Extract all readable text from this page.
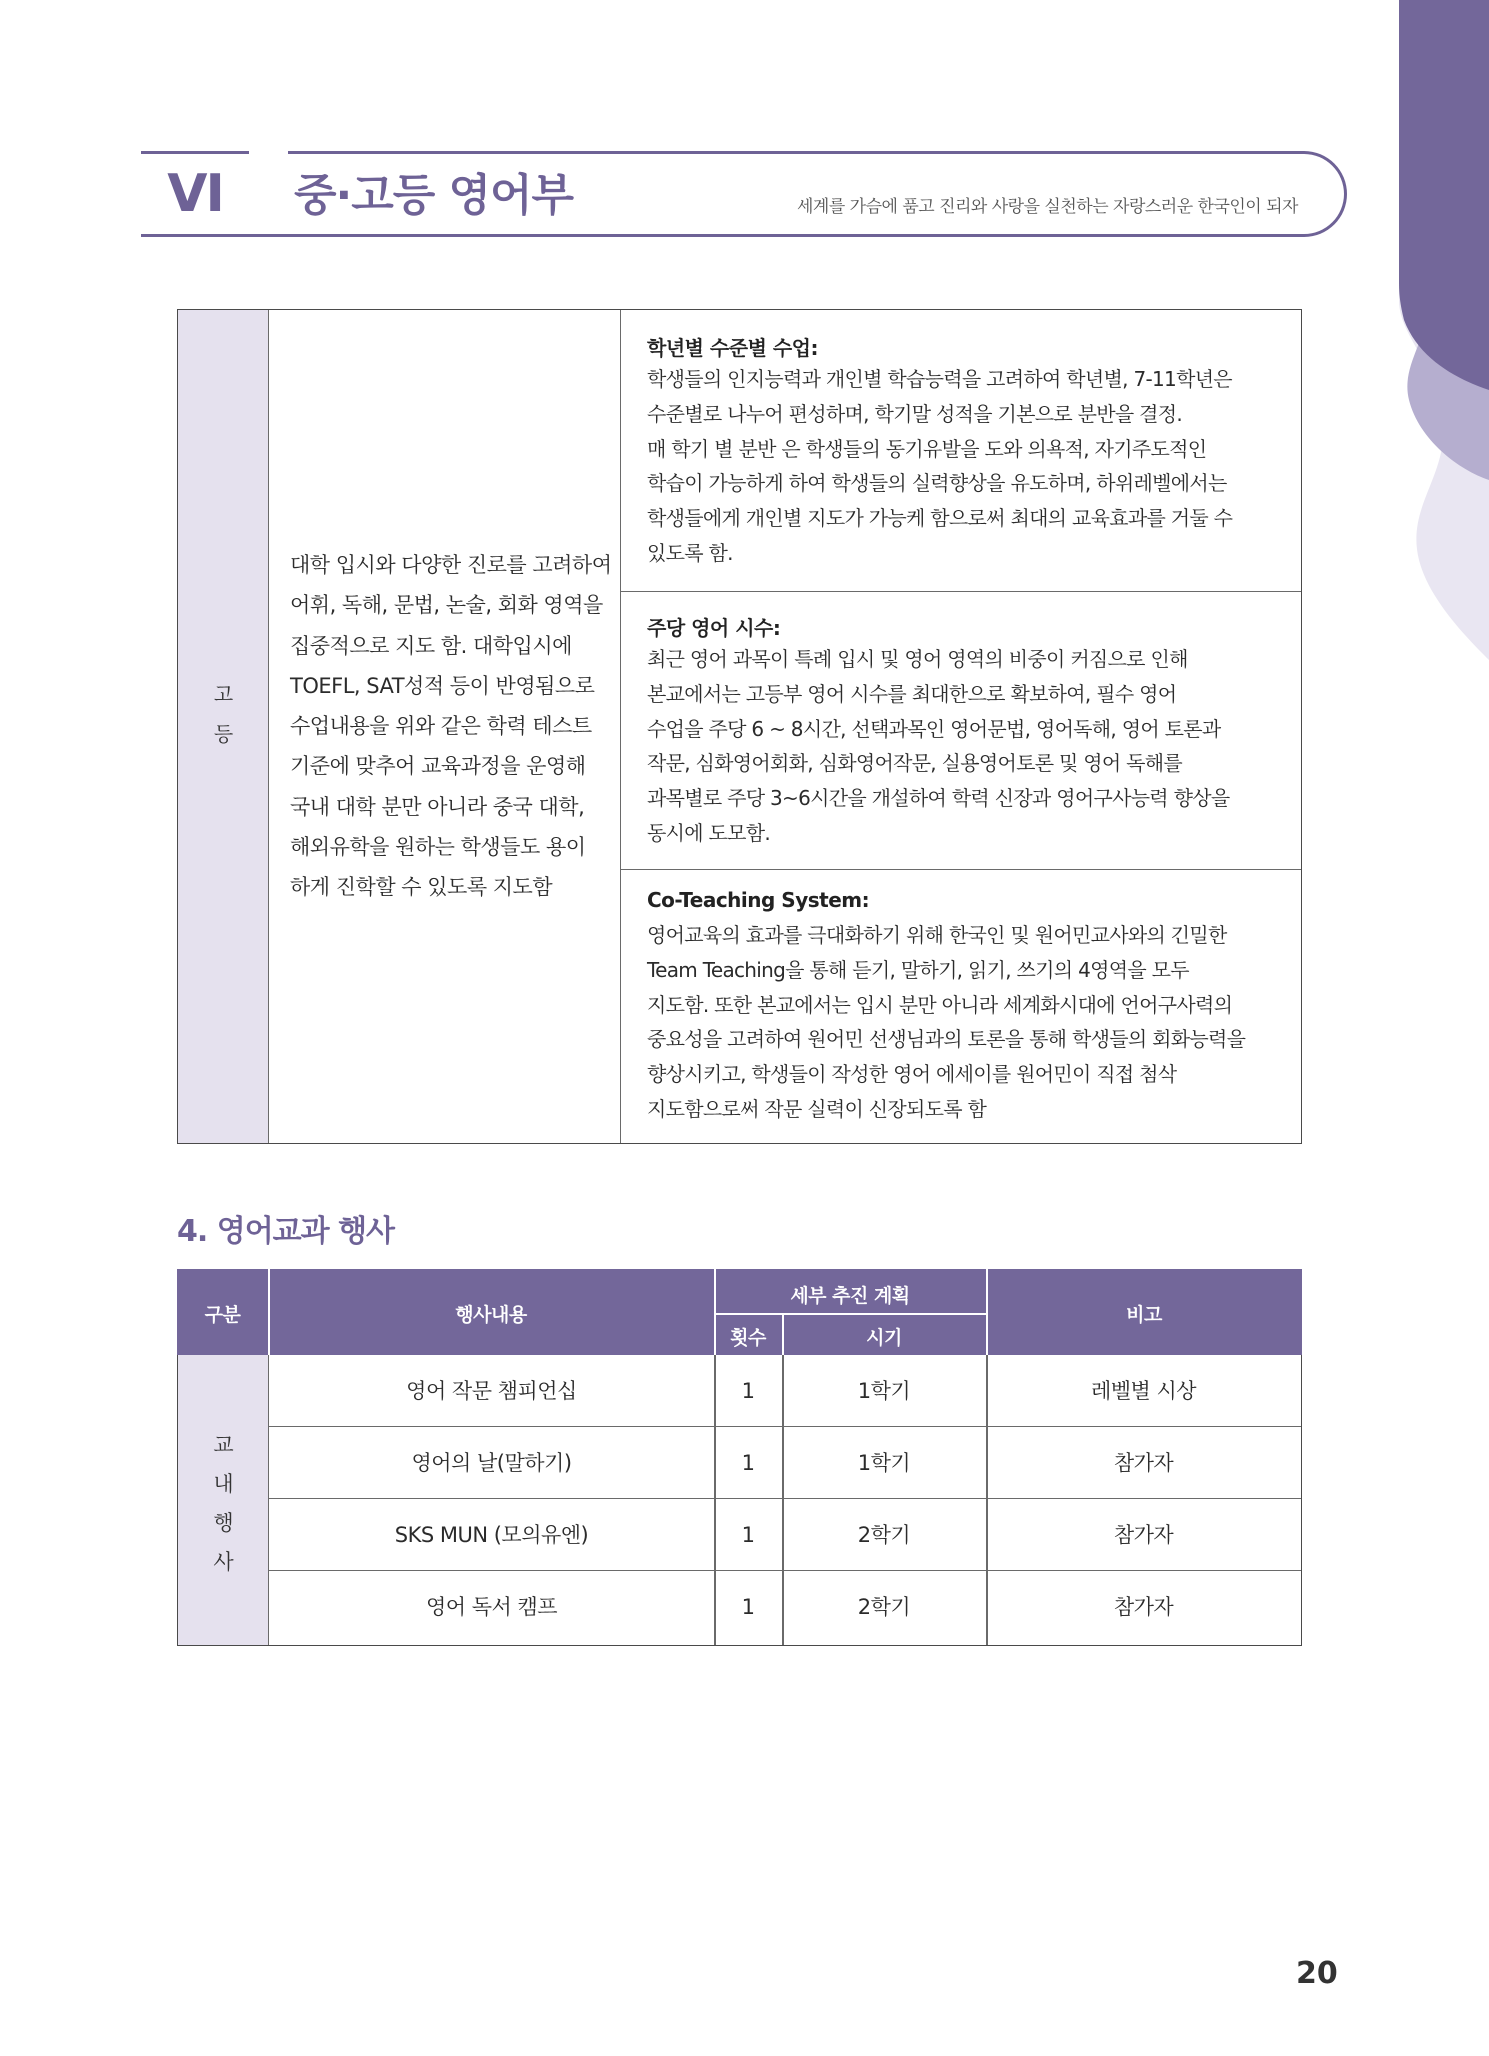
VI	중·고등 영어부	세계를 가슴에 품고 진리와 사랑을 실천하는 자랑스러운 한국인이 되자
고
등
대학 입시와 다양한 진로를 고려하여
어휘, 독해, 문법, 논술, 회화 영역을
집중적으로 지도 함. 대학입시에
TOEFL, SAT성적 등이 반영됨으로
수업내용을 위와 같은 학력 테스트
기준에 맞추어 교육과정을 운영해
국내 대학 분만 아니라 중국 대학,
해외유학을 원하는 학생들도 용이
하게 진학할 수 있도록 지도함
학년별 수준별 수업:
학생들의 인지능력과 개인별 학습능력을 고려하여 학년별, 7-11학년은
수준별로 나누어 편성하며, 학기말 성적을 기본으로 분반을 결정.
매 학기 별 분반 은 학생들의 동기유발을 도와 의욕적, 자기주도적인
학습이 가능하게 하여 학생들의 실력향상을 유도하며, 하위레벨에서는
학생들에게 개인별 지도가 가능케 함으로써 최대의 교육효과를 거둘 수
있도록 함.
주당 영어 시수:
최근 영어 과목이 특례 입시 및 영어 영역의 비중이 커짐으로 인해
본교에서는 고등부 영어 시수를 최대한으로 확보하여, 필수 영어
수업을 주당 6 ~ 8시간, 선택과목인 영어문법, 영어독해, 영어 토론과
작문, 심화영어회화, 심화영어작문, 실용영어토론 및 영어 독해를
과목별로 주당 3~6시간을 개설하여 학력 신장과 영어구사능력 향상을
동시에 도모함.
Co-Teaching System:
영어교육의 효과를 극대화하기 위해 한국인 및 원어민교사와의 긴밀한
Team Teaching을 통해 듣기, 말하기, 읽기, 쓰기의 4영역을 모두
지도함. 또한 본교에서는 입시 분만 아니라 세계화시대에 언어구사력의
중요성을 고려하여 원어민 선생님과의 토론을 통해 학생들의 회화능력을
향상시키고, 학생들이 작성한 영어 에세이를 원어민이 직접 첨삭
지도함으로써 작문 실력이 신장되도록 함
4. 영어교과 행사
구분	행사내용
세부 추진 계획
횟수	시기
비고
교
내
행
사
영어 작문 챔피언십	1	1학기	레벨별 시상
영어의 날(말하기)	1	1학기	참가자
SKS MUN (모의유엔)	1	2학기	참가자
영어 독서 캠프	1	2학기	참가자
20
